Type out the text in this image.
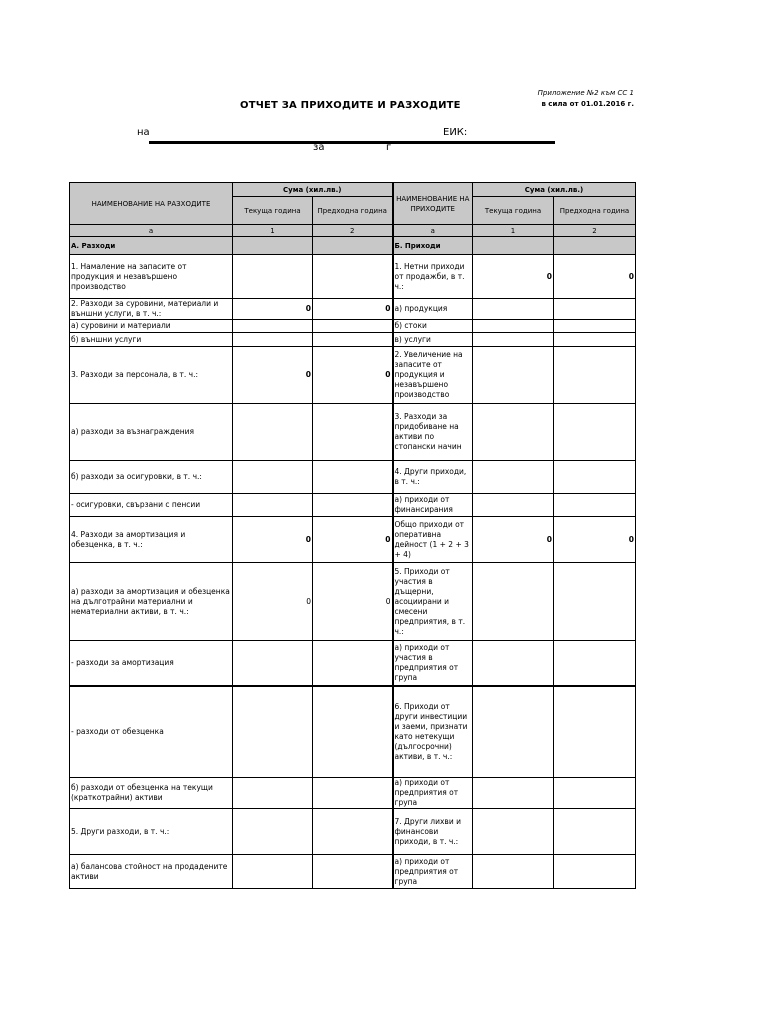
Приложение №2 към СС 1
в сила от 01.01.2016 г.
ОТЧЕТ ЗА ПРИХОДИТЕ И РАЗХОДИТЕ
на	ЕИК:
за	г
НАИМЕНОВАНИЕ НА РАЗХОДИТЕ	Сума (хил.лв.)		НАИМЕНОВАНИЕ НА ПРИХОДИТЕ	Сума (хил.лв.)	
	Текуща година	Предходна година		Текуща година	Предходна година
а	1	2	а	1	2
А. Разходи			Б. Приходи		
1. Намаление на запасите от продукция и незавършено производство			1. Нетни приходи от продажби, в т. ч.:	0	0
2. Разходи за суровини, материали и външни услуги, в т. ч.:	0	0	а) продукция		
а) суровини и материали			б) стоки		
б) външни услуги			в) услуги		
3. Разходи за персонала, в т. ч.:	0	0	2. Увеличение на запасите от продукция и незавършено производство		
а) разходи за възнаграждения			3. Разходи за придобиване на активи по стопански начин		
б) разходи за осигуровки, в т. ч.:			4. Други приходи, в т. ч.:		
- осигуровки, свързани с пенсии			а) приходи от финансирания		
4. Разходи за амортизация и обезценка, в т. ч.:	0	0	Общо приходи от оперативна дейност (1 + 2 + 3 + 4)	0	0
а) разходи за амортизация и обезценка на дълготрайни материални и нематериални активи, в т. ч.:	0	0	5. Приходи от участия в дъщерни, асоциирани и смесени предприятия, в т. ч.:		
- разходи за амортизация			а) приходи от участия в предприятия от група		
- разходи от обезценка			6. Приходи от други инвестиции и заеми, признати като нетекущи (дългосрочни) активи, в т. ч.:		
б) разходи от обезценка на текущи (краткотрайни) активи			а) приходи от предприятия от група		
5. Други разходи, в т. ч.:			7. Други лихви и финансови приходи, в т. ч.:		
а) балансова стойност на продадените активи			а) приходи от предприятия от група		
